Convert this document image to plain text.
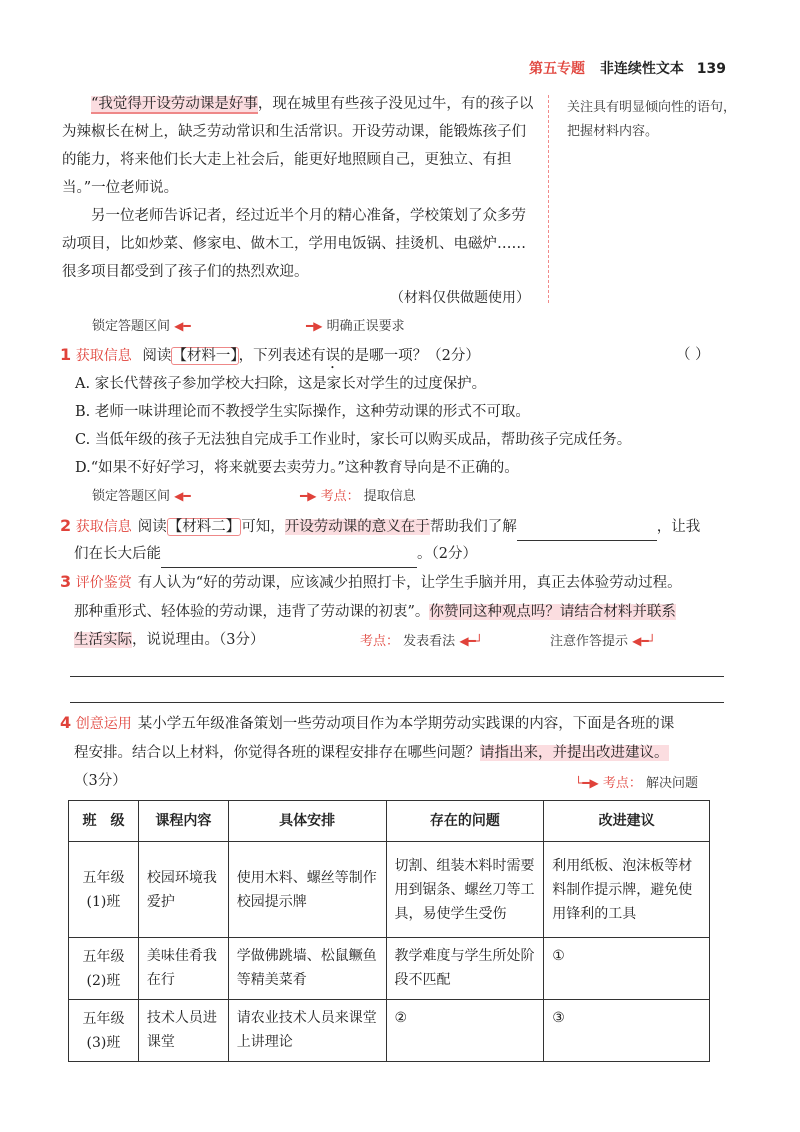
第五专题 非连续性文本 139

“我觉得开设劳动课是好事，现在城里有些孩子没见过牛，有的孩子以为辣椒长在树上，缺乏劳动常识和生活常识。开设劳动课，能锻炼孩子们的能力，将来他们长大走上社会后，能更好地照顾自己，更独立、有担当。”一位老师说。

另一位老师告诉记者，经过近半个月的精心准备，学校策划了众多劳动项目，比如炒菜、修家电、做木工，学用电饭锅、挂烫机、电磁炉……很多项目都受到了孩子们的热烈欢迎。

（材料仅供做题使用）
关注具有明显倾向性的语句，把握材料内容。
锁定答题区间 ◀━	━▶ 明确正误要求
1 获取信息 阅读【材料一】，下列表述有误的是哪一项？（2分）	（ ）
A. 家长代替孩子参加学校大扫除，这是家长对学生的过度保护。
B. 老师一味讲理论而不教授学生实际操作，这种劳动课的形式不可取。
C. 当低年级的孩子无法独自完成手工作业时，家长可以购买成品，帮助孩子完成任务。
D.“如果不好好学习，将来就要去卖劳力。”这种教育导向是不正确的。
锁定答题区间 ◀━	━▶ 考点： 提取信息
2 获取信息 阅读【材料二】可知，开设劳动课的意义在于帮助我们了解	，让我
们在长大后能	。（2分）
3 评价鉴赏 有人认为“好的劳动课，应该减少拍照打卡，让学生手脑并用，真正去体验劳动过程。
那种重形式、轻体验的劳动课，违背了劳动课的初衷”。你赞同这种观点吗？请结合材料并联系
生活实际，说说理由。（3分）	考点： 发表看法 ◀━┘	注意作答提示 ◀━┘
4 创意运用 某小学五年级准备策划一些劳动项目作为本学期劳动实践课的内容，下面是各班的课
程安排。结合以上材料，你觉得各班的课程安排存在哪些问题？请指出来，并提出改进建议。
（3分）	└━▶ 考点： 解决问题
班　级	课程内容	具体安排	存在的问题	改进建议

五年级
(1)班	校园环境我爱护	使用木料、螺丝等制作校园提示牌	切割、组装木料时需要用到锯条、螺丝刀等工具，易使学生受伤	利用纸板、泡沫板等材料制作提示牌，避免使用锋利的工具

五年级
(2)班	美味佳肴我在行	学做佛跳墙、松鼠鳜鱼等精美菜肴	教学难度与学生所处阶段不匹配	①

五年级
(3)班	技术人员进课堂	请农业技术人员来课堂上讲理论	②	③
